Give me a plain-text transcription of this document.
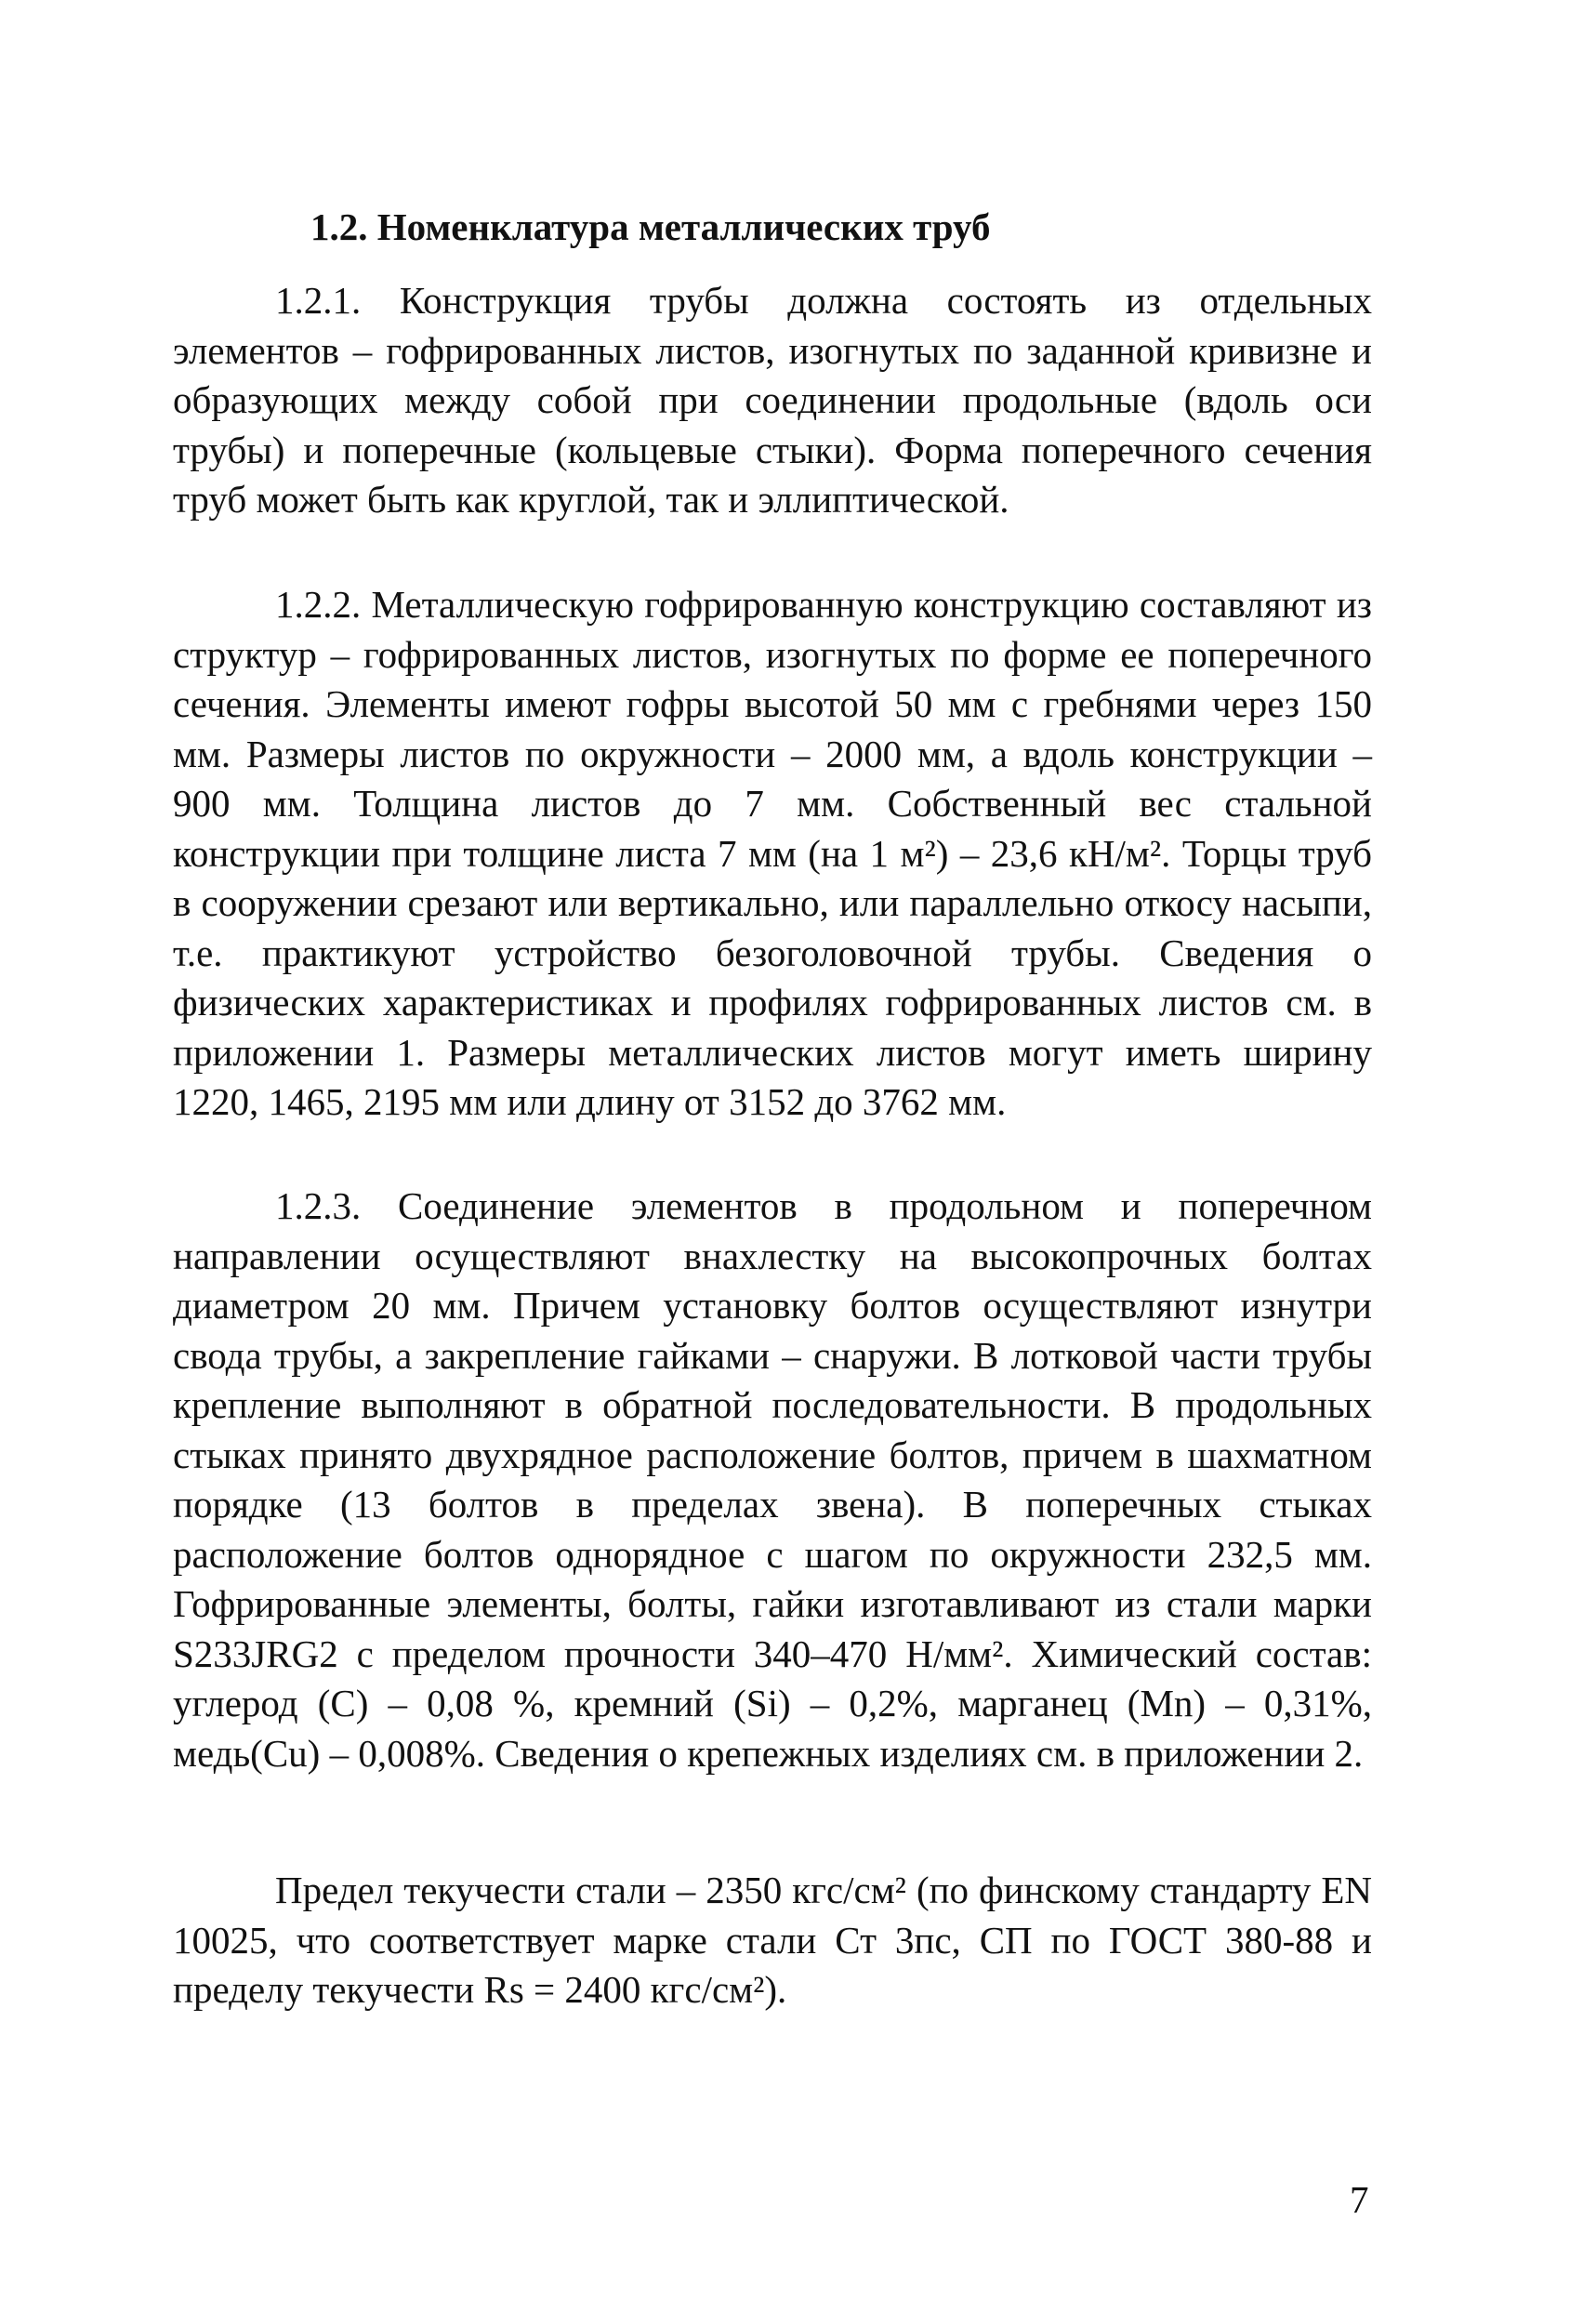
1.2. Номенклатура металлических труб

1.2.1. Конструкция трубы должна состоять из отдельных элементов – гофрированных листов, изогнутых по заданной кривизне и образующих между собой при соединении продольные (вдоль оси трубы) и поперечные (кольцевые стыки). Форма поперечного сечения труб может быть как круглой, так и эллиптической.

1.2.2. Металлическую гофрированную конструкцию составляют из структур – гофрированных листов, изогнутых по форме ее поперечного сечения. Элементы имеют гофры высотой 50 мм с гребнями через 150 мм. Размеры листов по окружности – 2000 мм, а вдоль конструкции – 900 мм. Толщина листов до 7 мм. Собственный вес стальной конструкции при толщине листа 7 мм (на 1 м²) – 23,6 кН/м². Торцы труб в сооружении срезают или вертикально, или параллельно откосу насыпи, т.е. практикуют устройство безоголовочной трубы. Сведения о физических характеристиках и профилях гофрированных листов см. в приложении 1. Размеры металлических листов могут иметь ширину 1220, 1465, 2195 мм или длину от 3152 до 3762 мм.

1.2.3. Соединение элементов в продольном и поперечном направлении осуществляют внахлестку на высокопрочных болтах диаметром 20 мм. Причем установку болтов осуществляют изнутри свода трубы, а закрепление гайками – снаружи. В лотковой части трубы крепление выполняют в обратной последовательности. В продольных стыках принято двухрядное расположение болтов, причем в шахматном порядке (13 болтов в пределах звена). В поперечных стыках расположение болтов однорядное с шагом по окружности 232,5 мм. Гофрированные элементы, болты, гайки изготавливают из стали марки S233JRG2 с пределом прочности 340–470 Н/мм². Химический состав: углерод (С) – 0,08 %, кремний (Si) – 0,2%, марганец (Mn) – 0,31%, медь(Cu) – 0,008%. Сведения о крепежных изделиях см. в приложении 2.

Предел текучести стали – 2350 кгс/см² (по финскому стандарту EN 10025, что соответствует марке стали Ст 3пс, СП по ГОСТ 380-88 и пределу текучести Rs = 2400 кгс/см²).

7
